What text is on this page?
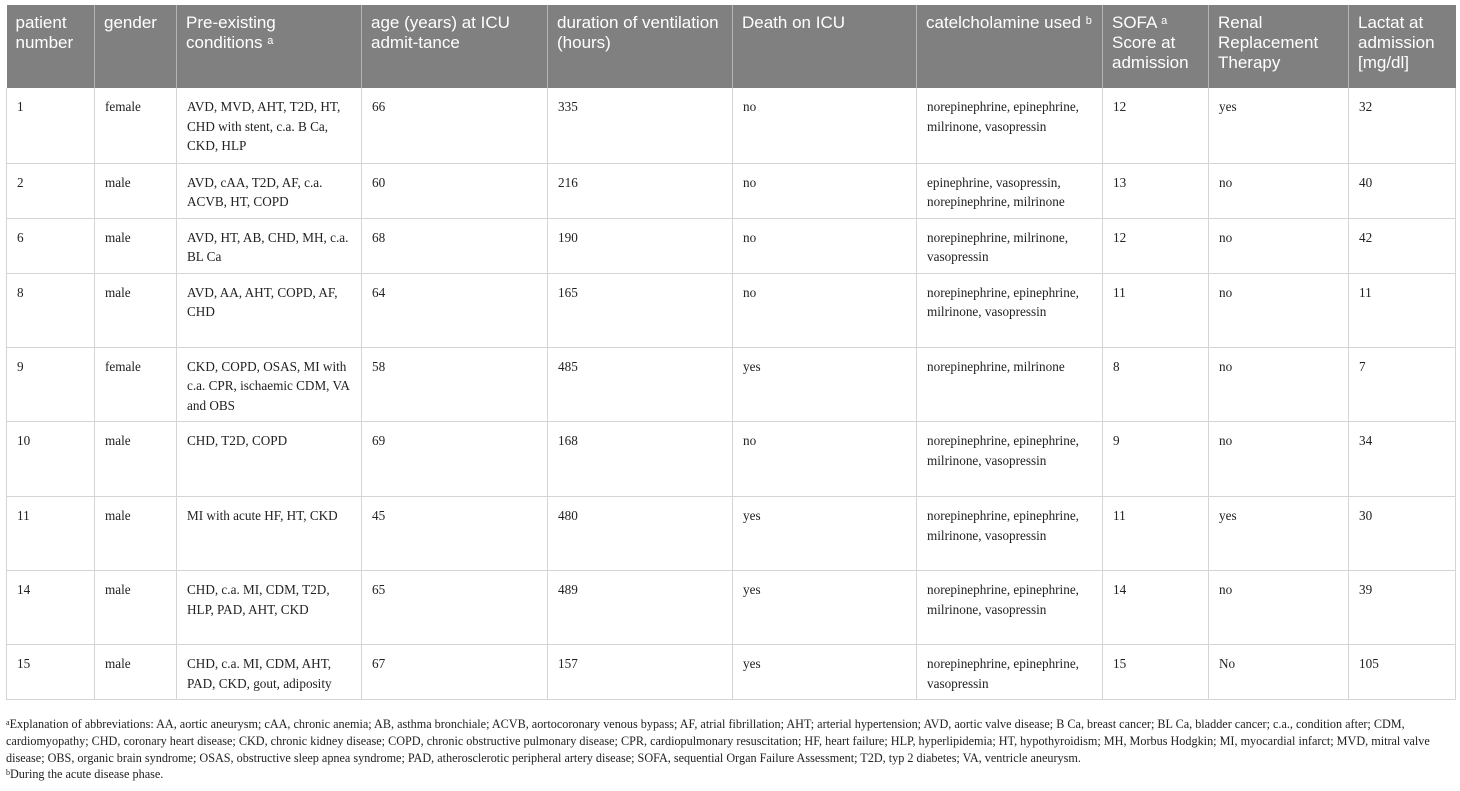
patient number	gender	Pre-existing conditions $^a$	age (years) at ICU admit-tance	duration of ventilation (hours)	Death on ICU	catelcholamine used $^b$	SOFA $^a$ Score at admission	Renal Replacement Therapy	Lactat at admission [mg/dl]
1	female	AVD, MVD, AHT, T2D, HT, CHD with stent, c.a. B Ca, CKD, HLP	66	335	no	norepinephrine, epinephrine, milrinone, vasopressin	12	yes	32
2	male	AVD, cAA, T2D, AF, c.a. ACVB, HT, COPD	60	216	no	epinephrine, vasopressin, norepinephrine, milrinone	13	no	40
6	male	AVD, HT, AB, CHD, MH, c.a. BL Ca	68	190	no	norepinephrine, milrinone, vasopressin	12	no	42
8	male	AVD, AA, AHT, COPD, AF, CHD	64	165	no	norepinephrine, epinephrine, milrinone, vasopressin	11	no	11
9	female	CKD, COPD, OSAS, MI with c.a. CPR, ischaemic CDM, VA and OBS	58	485	yes	norepinephrine, milrinone	8	no	7
10	male	CHD, T2D, COPD	69	168	no	norepinephrine, epinephrine, milrinone, vasopressin	9	no	34
11	male	MI with acute HF, HT, CKD	45	480	yes	norepinephrine, epinephrine, milrinone, vasopressin	11	yes	30
14	male	CHD, c.a. MI, CDM, T2D, HLP, PAD, AHT, CKD	65	489	yes	norepinephrine, epinephrine, milrinone, vasopressin	14	no	39
15	male	CHD, c.a. MI, CDM, AHT, PAD, CKD, gout, adiposity	67	157	yes	norepinephrine, epinephrine, vasopressin	15	No	105

$^a$Explanation of abbreviations: AA, aortic aneurysm; cAA, chronic anemia; AB, asthma bronchiale; ACVB, aortocoronary venous bypass; AF, atrial fibrillation; AHT; arterial hypertension; AVD, aortic valve disease; B Ca, breast cancer; BL Ca, bladder cancer; c.a., condition after; CDM, cardiomyopathy; CHD, coronary heart disease; CKD, chronic kidney disease; COPD, chronic obstructive pulmonary disease; CPR, cardiopulmonary resuscitation; HF, heart failure; HLP, hyperlipidemia; HT, hypothyroidism; MH, Morbus Hodgkin; MI, myocardial infarct; MVD, mitral valve disease; OBS, organic brain syndrome; OSAS, obstructive sleep apnea syndrome; PAD, atherosclerotic peripheral artery disease; SOFA, sequential Organ Failure Assessment; T2D, typ 2 diabetes; VA, ventricle aneurysm.

$^b$During the acute disease phase.
